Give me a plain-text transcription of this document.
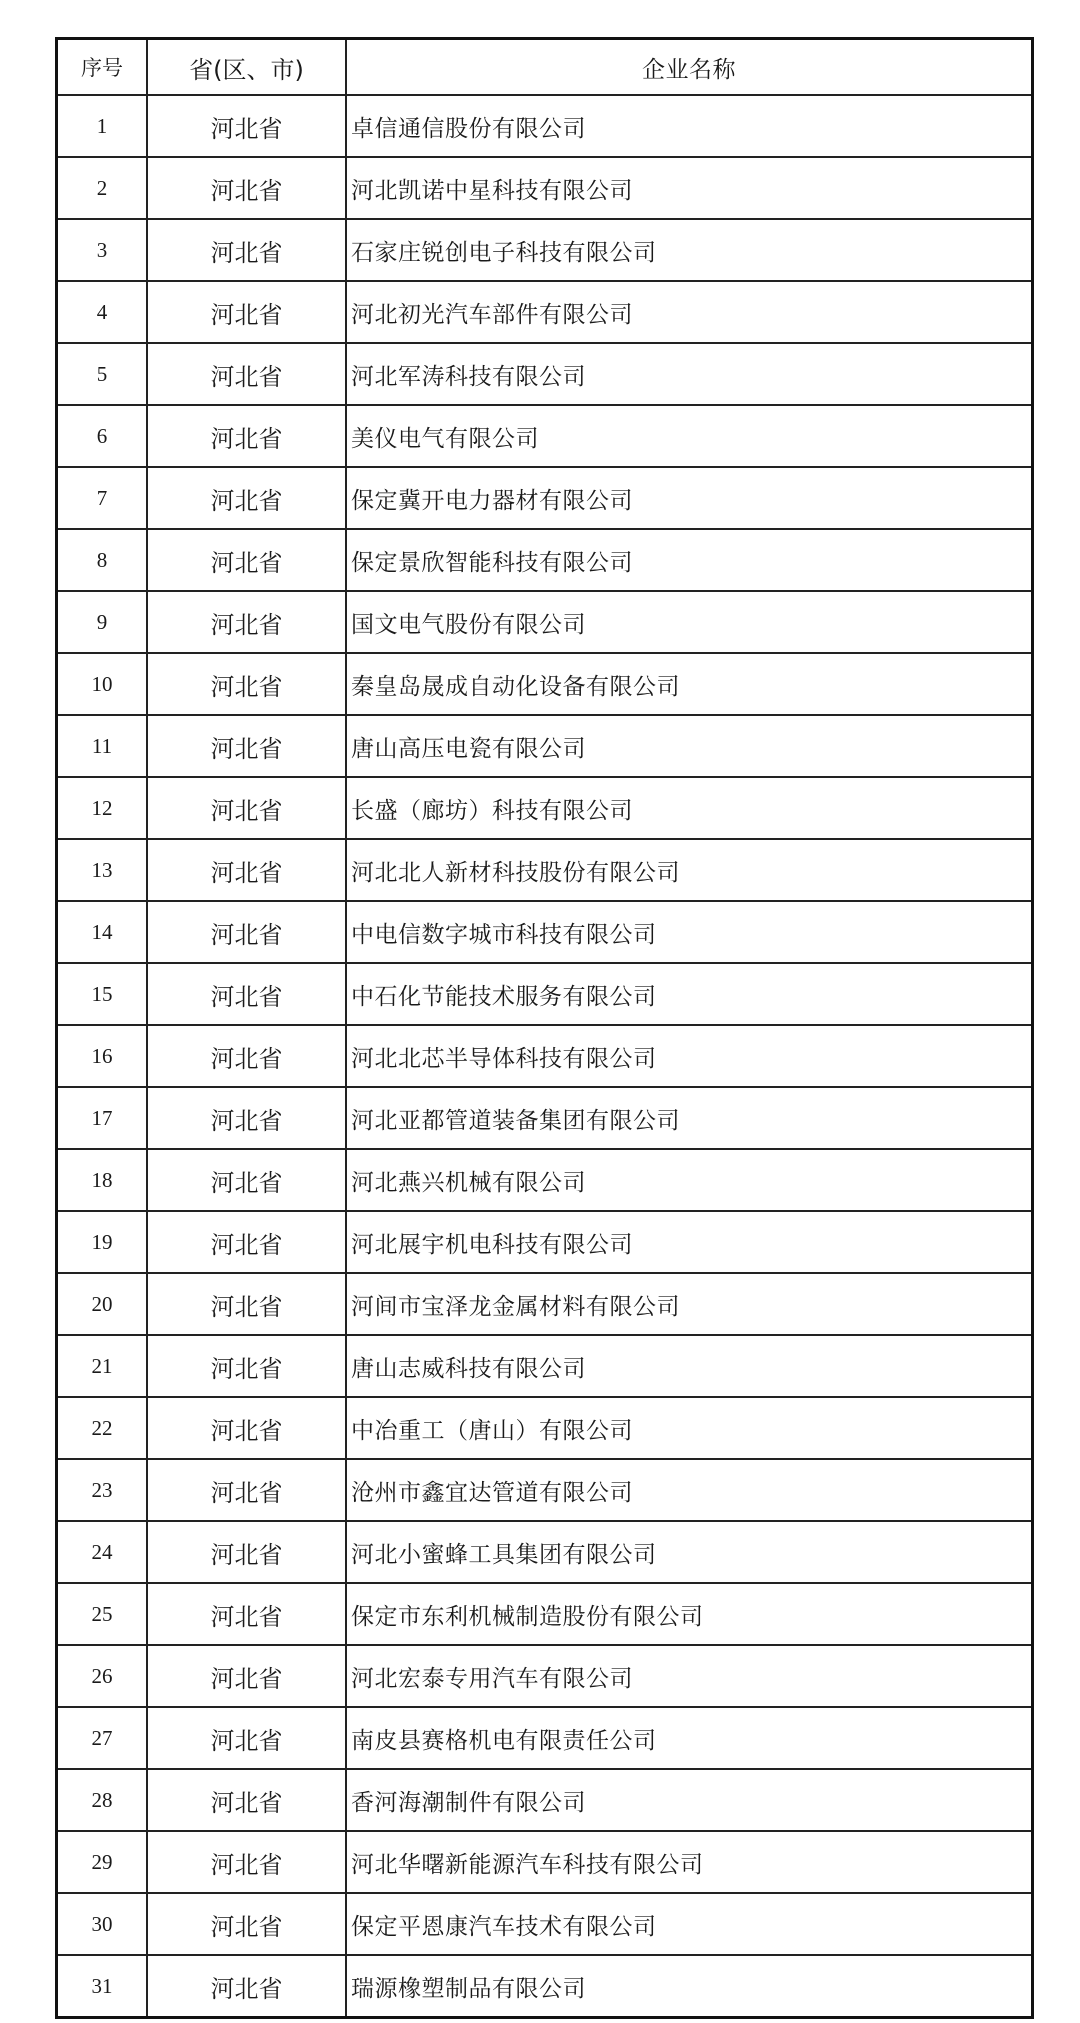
序号	省(区、市)	企业名称
1	河北省	卓信通信股份有限公司
2	河北省	河北凯诺中星科技有限公司
3	河北省	石家庄锐创电子科技有限公司
4	河北省	河北初光汽车部件有限公司
5	河北省	河北军涛科技有限公司
6	河北省	美仪电气有限公司
7	河北省	保定冀开电力器材有限公司
8	河北省	保定景欣智能科技有限公司
9	河北省	国文电气股份有限公司
10	河北省	秦皇岛晟成自动化设备有限公司
11	河北省	唐山高压电瓷有限公司
12	河北省	长盛（廊坊）科技有限公司
13	河北省	河北北人新材科技股份有限公司
14	河北省	中电信数字城市科技有限公司
15	河北省	中石化节能技术服务有限公司
16	河北省	河北北芯半导体科技有限公司
17	河北省	河北亚都管道装备集团有限公司
18	河北省	河北燕兴机械有限公司
19	河北省	河北展宇机电科技有限公司
20	河北省	河间市宝泽龙金属材料有限公司
21	河北省	唐山志威科技有限公司
22	河北省	中冶重工（唐山）有限公司
23	河北省	沧州市鑫宜达管道有限公司
24	河北省	河北小蜜蜂工具集团有限公司
25	河北省	保定市东利机械制造股份有限公司
26	河北省	河北宏泰专用汽车有限公司
27	河北省	南皮县赛格机电有限责任公司
28	河北省	香河海潮制件有限公司
29	河北省	河北华曙新能源汽车科技有限公司
30	河北省	保定平恩康汽车技术有限公司
31	河北省	瑞源橡塑制品有限公司
